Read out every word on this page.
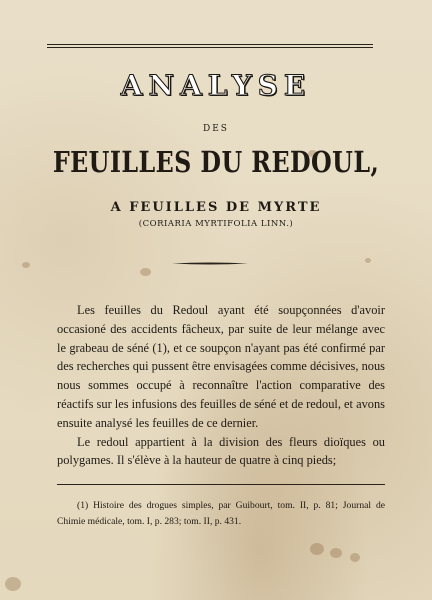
ANALYSE
DES
FEUILLES DU REDOUL,
A FEUILLES DE MYRTE
(CORIARIA MYRTIFOLIA LINN.)

Les feuilles du Redoul ayant été soupçonnées d'avoir occasioné des accidents fâcheux, par suite de leur mélange avec le grabeau de séné (1), et ce soupçon n'ayant pas été confirmé par des recherches qui pussent être envisagées comme décisives, nous nous sommes occupé à reconnaître l'action comparative des réactifs sur les infusions des feuilles de séné et de redoul, et avons ensuite analysé les feuilles de ce dernier.

Le redoul appartient à la division des fleurs dioïques ou polygames. Il s'élève à la hauteur de quatre à cinq pieds;

(1) Histoire des drogues simples, par Guibourt, tom. II, p. 81; Journal de Chimie médicale, tom. I, p. 283; tom. II, p. 431.
